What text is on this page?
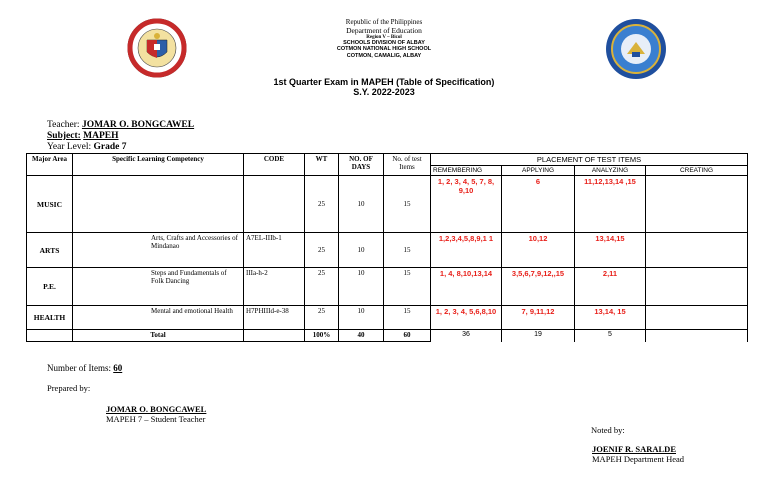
Republic of the Philippines
Department of Education
Region V – Bicol
SCHOOLS DIVISION OF ALBAY
COTMON NATIONAL HIGH SCHOOL
COTMON, CAMALIG, ALBAY
1st Quarter Exam in MAPEH (Table of Specification)
S.Y. 2022-2023
Teacher: JOMAR O. BONGCAWEL
Subject: MAPEH
Year Level: Grade 7
Major Area	Specific Learning Competency	CODE	WT	NO. OF DAYS	No. of test Items	PLACEMENT OF TEST ITEMS			
						REMEMBERING	APPLYING	ANALYZING	CREATING
MUSIC			25	10	15	1, 2, 3, 4, 5, 7, 8, 9,10	6	11,12,13,14 ,15	
ARTS	Arts, Crafts and Accessories of Mindanao	A7EL-IIIb-1	25	10	15	1,2,3,4,5,8,9,1 1	10,12	13,14,15	
P.E.	Steps and Fundamentals of Folk Dancing	IIIa-h-2	25	10	15	1, 4, 8,10,13,14	3,5,6,7,9,12,,15	2,11	
HEALTH	Mental and emotional Health	H7PHIIId-e-38	25	10	15	1, 2, 3, 4, 5,6,8,10	7, 9,11,12	13,14, 15	
	Total		100%	40	60	36	19	5	
Number of Items: 60
Prepared by:
JOMAR O. BONGCAWEL
MAPEH 7 – Student Teacher
Noted by:
JOENIF R. SARALDE
MAPEH Department Head
